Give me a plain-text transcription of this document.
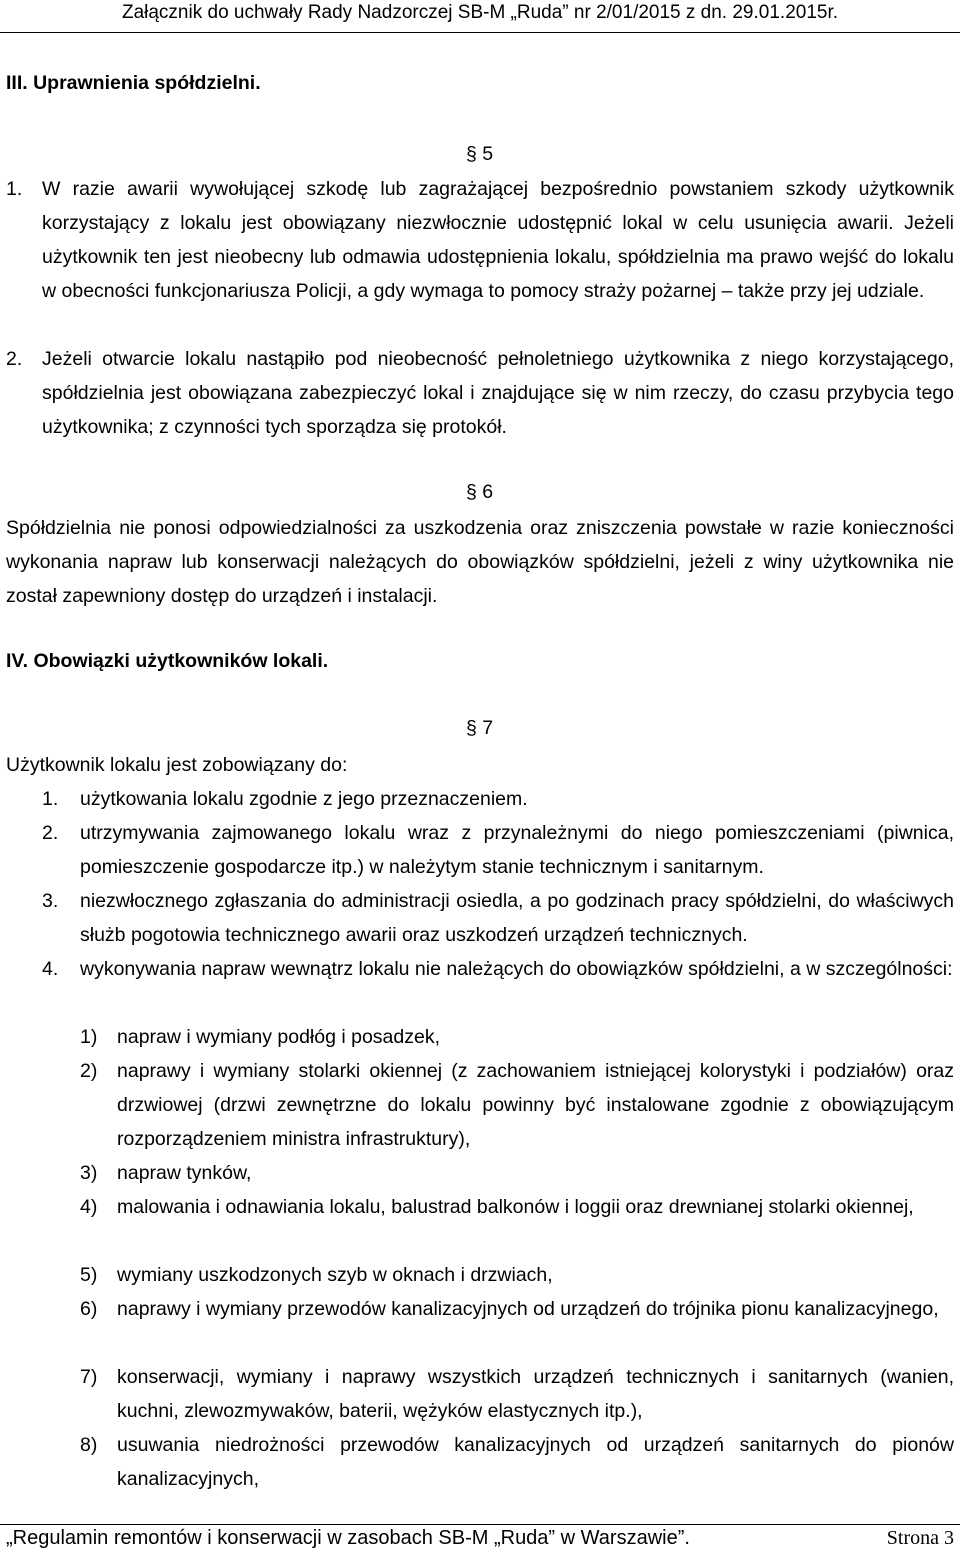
Załącznik do uchwały Rady Nadzorczej SB-M „Ruda” nr 2/01/2015 z dn. 29.01.2015r.
III. Uprawnienia spółdzielni.
§ 5
1. W razie awarii wywołującej szkodę lub zagrażającej bezpośrednio powstaniem szkody użytkownik korzystający z lokalu jest obowiązany niezwłocznie udostępnić lokal w celu usunięcia awarii. Jeżeli użytkownik ten jest nieobecny lub odmawia udostępnienia lokalu, spółdzielnia ma prawo wejść do lokalu w obecności funkcjonariusza Policji, a gdy wymaga to pomocy straży pożarnej – także przy jej udziale.
2. Jeżeli otwarcie lokalu nastąpiło pod nieobecność pełnoletniego użytkownika z niego korzystającego, spółdzielnia jest obowiązana zabezpieczyć lokal i znajdujące się w nim rzeczy, do czasu przybycia tego użytkownika; z czynności tych sporządza się protokół.
§ 6
Spółdzielnia nie ponosi odpowiedzialności za uszkodzenia oraz zniszczenia powstałe w razie konieczności wykonania napraw lub konserwacji należących do obowiązków spółdzielni, jeżeli z winy użytkownika nie został zapewniony dostęp do urządzeń i instalacji.
IV. Obowiązki użytkowników lokali.
§ 7
Użytkownik lokalu jest zobowiązany do:
1. użytkowania lokalu zgodnie z jego przeznaczeniem.
2. utrzymywania zajmowanego lokalu wraz z przynależnymi do niego pomieszczeniami (piwnica, pomieszczenie gospodarcze itp.) w należytym stanie technicznym i sanitarnym.
3. niezwłocznego zgłaszania do administracji osiedla, a po godzinach pracy spółdzielni, do właściwych służb pogotowia technicznego awarii oraz uszkodzeń urządzeń technicznych.
4. wykonywania napraw wewnątrz lokalu nie należących do obowiązków spółdzielni, a w szczególności:
1) napraw i wymiany podłóg i posadzek,
2) naprawy i wymiany stolarki okiennej (z zachowaniem istniejącej kolorystyki i podziałów) oraz drzwiowej (drzwi zewnętrzne do lokalu powinny być instalowane zgodnie z obowiązującym rozporządzeniem ministra infrastruktury),
3) napraw tynków,
4) malowania i odnawiania lokalu, balustrad balkonów i loggii oraz drewnianej stolarki okiennej,
5) wymiany uszkodzonych szyb w oknach i drzwiach,
6) naprawy i wymiany przewodów kanalizacyjnych od urządzeń do trójnika pionu kanalizacyjnego,
7) konserwacji, wymiany i naprawy wszystkich urządzeń technicznych i sanitarnych (wanien, kuchni, zlewozmywaków, baterii, wężyków elastycznych itp.),
8) usuwania niedrożności przewodów kanalizacyjnych od urządzeń sanitarnych do pionów kanalizacyjnych,
„Regulamin remontów i konserwacji w zasobach SB-M „Ruda” w Warszawie”.	Strona 3
